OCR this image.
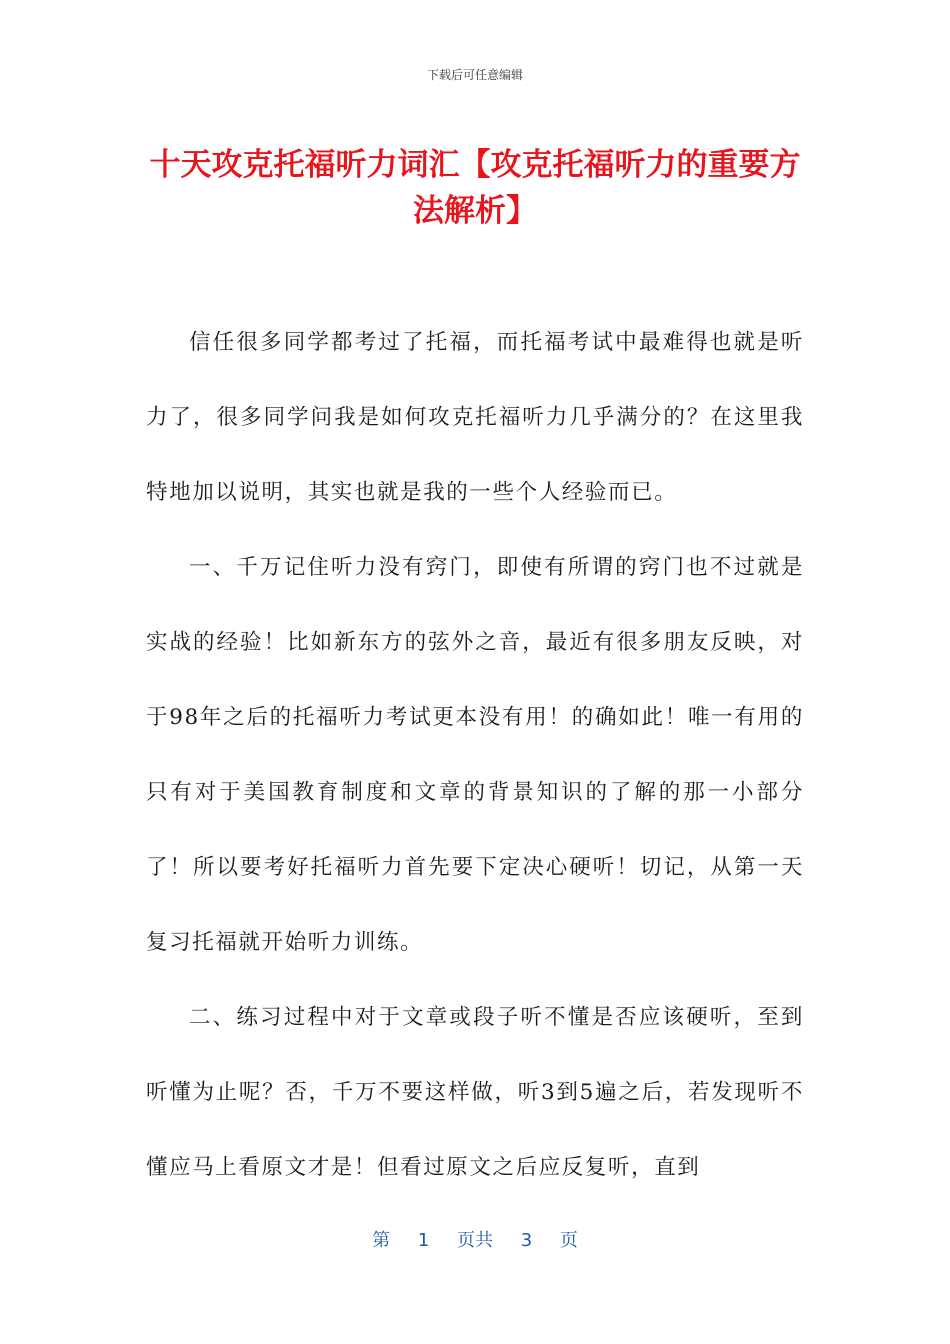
下载后可任意编辑
十天攻克托福听力词汇【攻克托福听力的重要方法解析】

信任很多同学都考过了托福，而托福考试中最难得也就是听力了，很多同学问我是如何攻克托福听力几乎满分的？在这里我特地加以说明，其实也就是我的一些个人经验而已。

一、千万记住听力没有窍门，即使有所谓的窍门也不过就是实战的经验！比如新东方的弦外之音，最近有很多朋友反映，对于98年之后的托福听力考试更本没有用！的确如此！唯一有用的只有对于美国教育制度和文章的背景知识的了解的那一小部分了！所以要考好托福听力首先要下定决心硬听！切记，从第一天复习托福就开始听力训练。

二、练习过程中对于文章或段子听不懂是否应该硬听，至到听懂为止呢？否，千万不要这样做，听3到5遍之后，若发现听不懂应马上看原文才是！但看过原文之后应反复听，直到

第 1 页共 3 页
